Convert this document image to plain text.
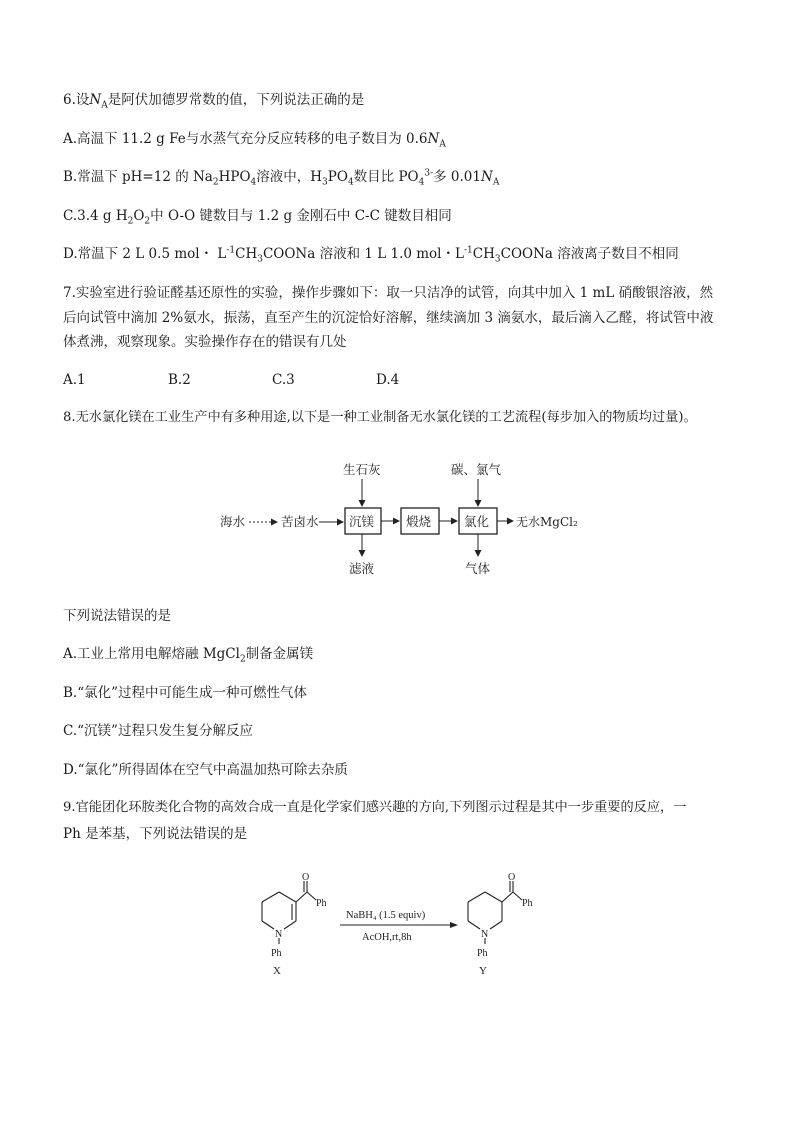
6.设$N_A$是阿伏加德罗常数的值，下列说法正确的是
A.高温下 11.2 g Fe与水蒸气充分反应转移的电子数目为 $0.6N_A$
B.常温下 pH=12 的 $Na_2HPO_4$溶液中，$H_3PO_4$数目比 $PO_4^{3-}$多 $0.01N_A$
C.3.4 g $H_2O_2$中 O-O 键数目与 1.2 g 金刚石中 C-C 键数目相同
D.常温下 2 L 0.5 mol・ $L^{-1}CH_3COONa$ 溶液和 1 L 1.0 mol・$L^{-1}CH_3COONa$ 溶液离子数目不相同
7.实验室进行验证醛基还原性的实验，操作步骤如下：取一只洁净的试管，向其中加入 1 mL 硝酸银溶液，然
后向试管中滴加 2%氨水，振荡，直至产生的沉淀恰好溶解，继续滴加 3 滴氨水，最后滴入乙醛，将试管中液
体煮沸，观察现象。实验操作存在的错误有几处
A.1	B.2	C.3	D.4
8.无水氯化镁在工业生产中有多种用途,以下是一种工业制备无水氯化镁的工艺流程(每步加入的物质均过量)。
海水	苦卤水
生石灰
沉镁
滤液
煅烧
碳、氯气
氯化
气体
无水MgCl₂
下列说法错误的是
A.工业上常用电解熔融 MgCl$_2$制备金属镁
B.“氯化”过程中可能生成一种可燃性气体
C.“沉镁”过程只发生复分解反应
D.“氯化”所得固体在空气中高温加热可除去杂质
9.官能团化环胺类化合物的高效合成一直是化学家们感兴趣的方向,下列图示过程是其中一步重要的反应，一
Ph 是苯基，下列说法错误的是
O
Ph
N
Ph
X
NaBH₄ (1.5 equiv)
AcOH,rt,8h
O
Ph
N
Ph
Y
